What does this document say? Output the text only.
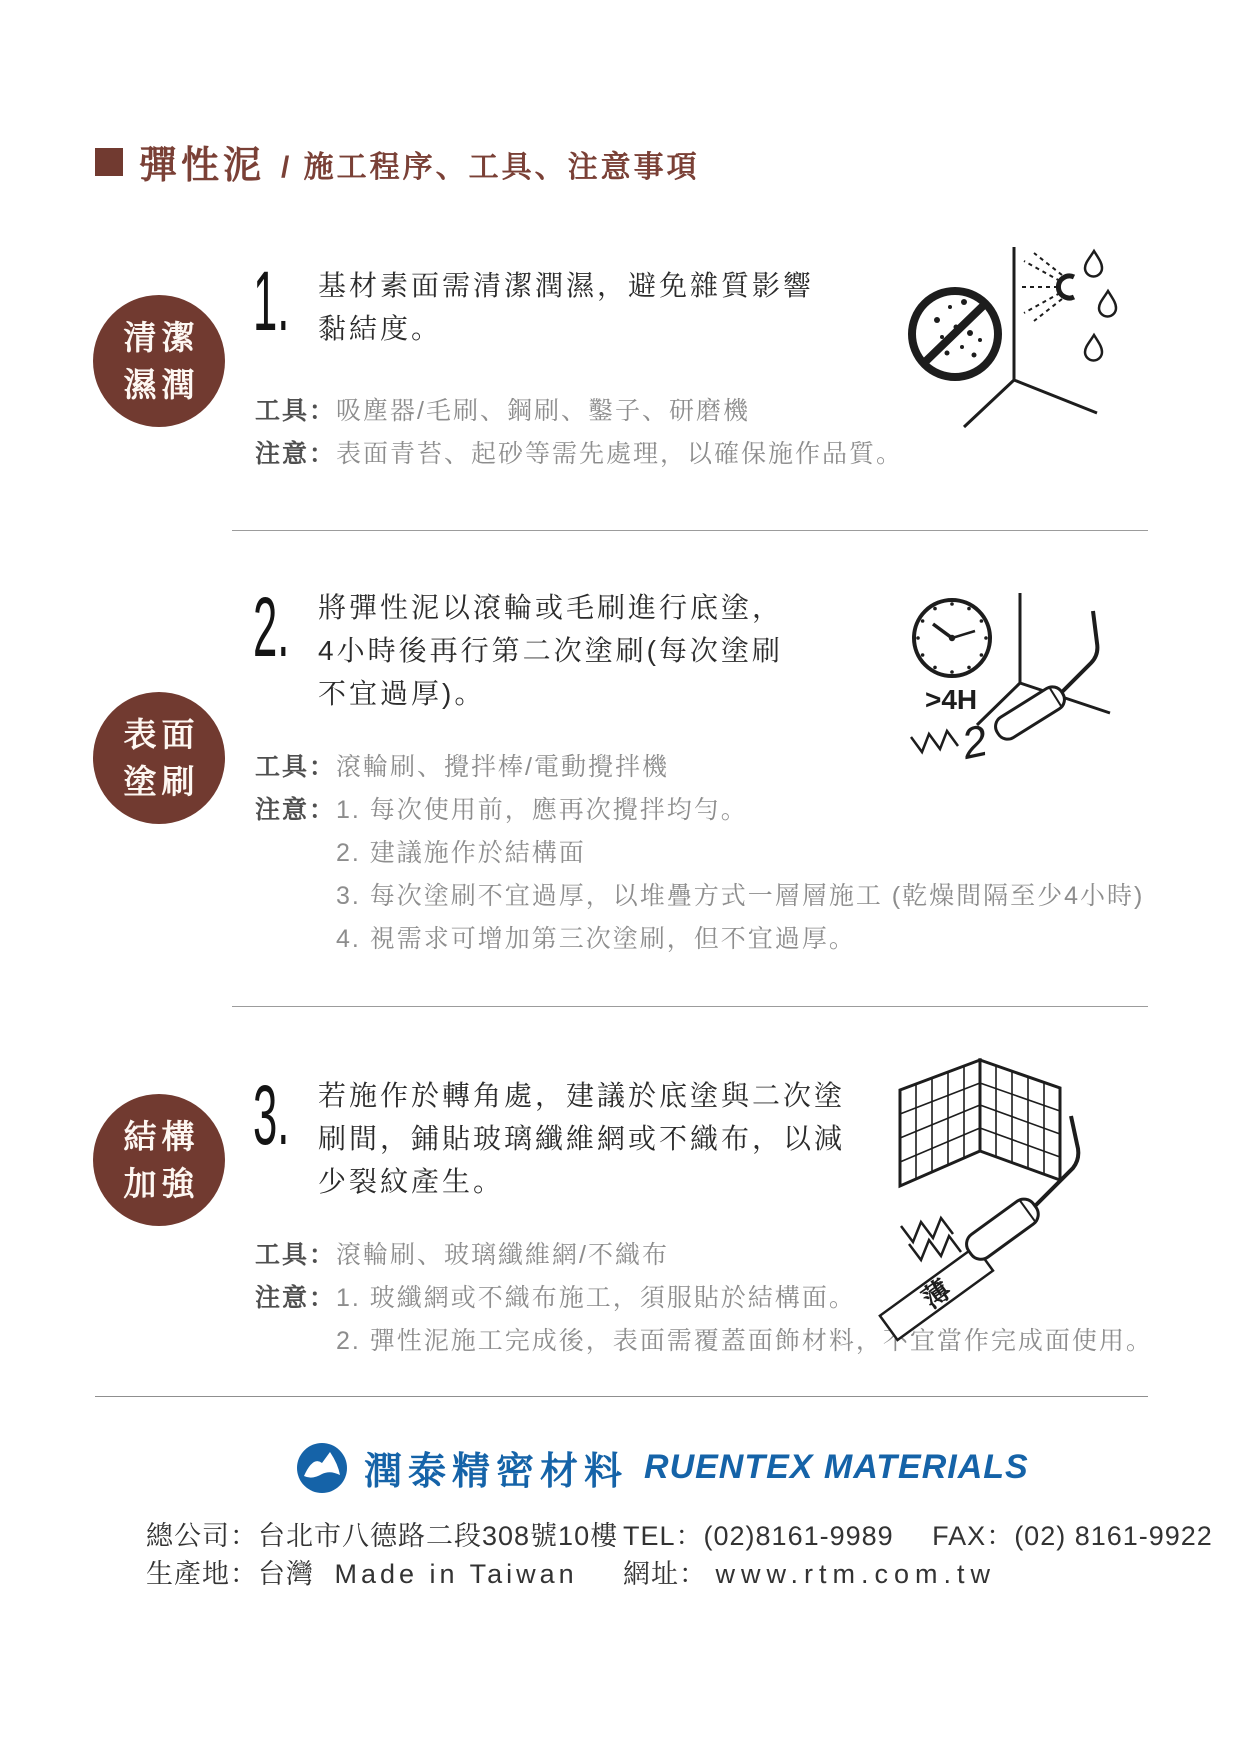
彈性泥 / 施工程序、工具、注意事項
清潔
濕潤
1. 基材素面需清潔潤濕，避免雜質影響
黏結度。
工具： 吸塵器/毛刷、鋼刷、鑿子、研磨機
注意： 表面青苔、起砂等需先處理，以確保施作品質。
表面
塗刷
2. 將彈性泥以滾輪或毛刷進行底塗，
4小時後再行第二次塗刷(每次塗刷
不宜過厚)。
工具： 滾輪刷、攪拌棒/電動攪拌機
注意： 1. 每次使用前，應再次攪拌均勻。
2. 建議施作於結構面
3. 每次塗刷不宜過厚，以堆疊方式一層層施工 (乾燥間隔至少4小時)
4. 視需求可增加第三次塗刷，但不宜過厚。
>4H
2
結構
加強
3. 若施作於轉角處，建議於底塗與二次塗
刷間，鋪貼玻璃纖維網或不織布，以減
少裂紋產生。
工具： 滾輪刷、玻璃纖維網/不織布
注意： 1. 玻纖網或不織布施工，須服貼於結構面。
2. 彈性泥施工完成後，表面需覆蓋面飾材料，不宜當作完成面使用。
薄
潤泰精密材料 RUENTEX MATERIALS
總公司：台北市八德路二段308號10樓 TEL：(02)8161-9989 FAX：(02) 8161-9922
生產地：台灣 Made in Taiwan 網址： www.rtm.com.tw
